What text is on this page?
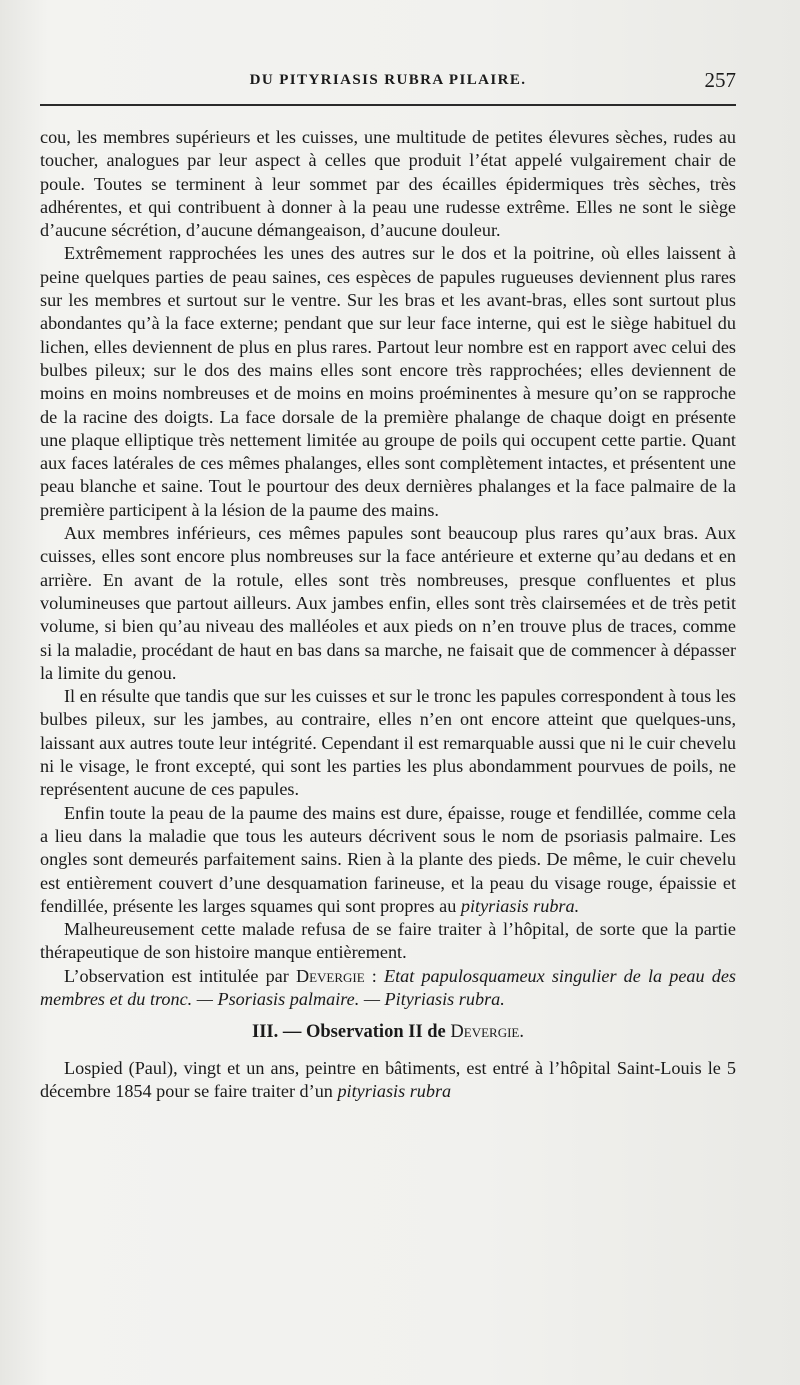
DU PITYRIASIS RUBRA PILAIRE.	257

cou, les membres supérieurs et les cuisses, une multitude de petites élevures sèches, rudes au toucher, analogues par leur aspect à celles que produit l’état appelé vulgairement chair de poule. Toutes se terminent à leur sommet par des écailles épidermiques très sèches, très adhérentes, et qui contribuent à donner à la peau une rudesse extrême. Elles ne sont le siège d’aucune sécrétion, d’aucune démangeaison, d’aucune douleur.

Extrêmement rapprochées les unes des autres sur le dos et la poitrine, où elles laissent à peine quelques parties de peau saines, ces espèces de papules rugueuses deviennent plus rares sur les membres et surtout sur le ventre. Sur les bras et les avant-bras, elles sont surtout plus abondantes qu’à la face externe; pendant que sur leur face interne, qui est le siège habituel du lichen, elles deviennent de plus en plus rares. Partout leur nombre est en rapport avec celui des bulbes pileux; sur le dos des mains elles sont encore très rapprochées; elles deviennent de moins en moins nombreuses et de moins en moins proéminentes à mesure qu’on se rapproche de la racine des doigts. La face dorsale de la première phalange de chaque doigt en présente une plaque elliptique très nettement limitée au groupe de poils qui occupent cette partie. Quant aux faces latérales de ces mêmes phalanges, elles sont complètement intactes, et présentent une peau blanche et saine. Tout le pourtour des deux dernières phalanges et la face palmaire de la première participent à la lésion de la paume des mains.

Aux membres inférieurs, ces mêmes papules sont beaucoup plus rares qu’aux bras. Aux cuisses, elles sont encore plus nombreuses sur la face antérieure et externe qu’au dedans et en arrière. En avant de la rotule, elles sont très nombreuses, presque confluentes et plus volumineuses que partout ailleurs. Aux jambes enfin, elles sont très clairsemées et de très petit volume, si bien qu’au niveau des malléoles et aux pieds on n’en trouve plus de traces, comme si la maladie, procédant de haut en bas dans sa marche, ne faisait que de commencer à dépasser la limite du genou.

Il en résulte que tandis que sur les cuisses et sur le tronc les papules correspondent à tous les bulbes pileux, sur les jambes, au contraire, elles n’en ont encore atteint que quelques-uns, laissant aux autres toute leur intégrité. Cependant il est remarquable aussi que ni le cuir chevelu ni le visage, le front excepté, qui sont les parties les plus abondamment pourvues de poils, ne représentent aucune de ces papules.

Enfin toute la peau de la paume des mains est dure, épaisse, rouge et fendillée, comme cela a lieu dans la maladie que tous les auteurs décrivent sous le nom de psoriasis palmaire. Les ongles sont demeurés parfaitement sains. Rien à la plante des pieds. De même, le cuir chevelu est entièrement couvert d’une desquamation farineuse, et la peau du visage rouge, épaissie et fendillée, présente les larges squames qui sont propres au pityriasis rubra.

Malheureusement cette malade refusa de se faire traiter à l’hôpital, de sorte que la partie thérapeutique de son histoire manque entièrement.

L’observation est intitulée par Devergie : Etat papulosquameux singulier de la peau des membres et du tronc. — Psoriasis palmaire. — Pityriasis rubra.

III. — Observation II de Devergie.

Lospied (Paul), vingt et un ans, peintre en bâtiments, est entré à l’hôpital Saint-Louis le 5 décembre 1854 pour se faire traiter d’un pityriasis rubra
